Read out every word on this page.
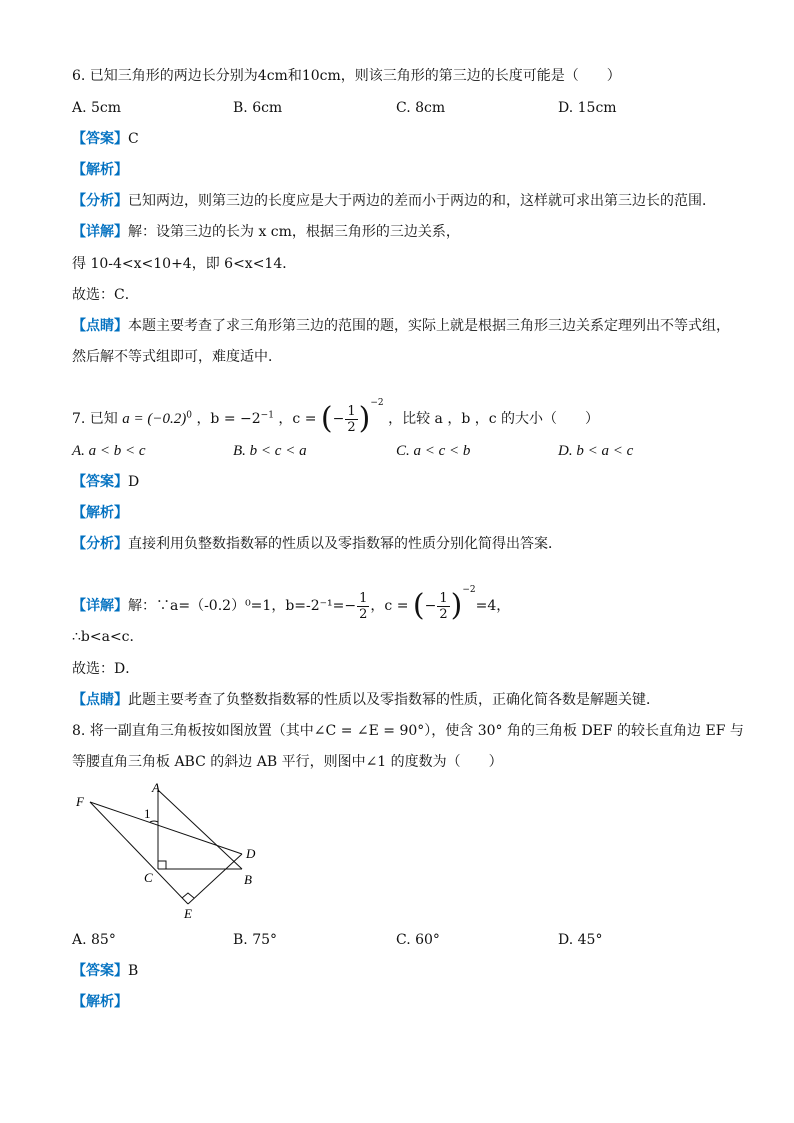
6. 已知三角形的两边长分别为4cm和10cm，则该三角形的第三边的长度可能是（　　）
A. 5cm	B. 6cm	C. 8cm	D. 15cm
【答案】C
【解析】
【分析】已知两边，则第三边的长度应是大于两边的差而小于两边的和，这样就可求出第三边长的范围．
【详解】解：设第三边的长为 x cm，根据三角形的三边关系，
得 10-4<x<10+4，即 6<x<14．
故选：C．
【点睛】本题主要考查了求三角形第三边的范围的题，实际上就是根据三角形三边关系定理列出不等式组，
然后解不等式组即可，难度适中．
7. 已知 $a = (-0.2)^0$ ，$b = -2^{-1}$ ，c = (− $\frac{1}{2} )^{-2}$ ，比较 a ，b ，c 的大小（　　）
A. a < b < c	B. b < c < a	C. a < c < b	D. b < a < c
【答案】D
【解析】
【分析】直接利用负整数指数幂的性质以及零指数幂的性质分别化简得出答案．
【详解】解：∵a=（-0.2）⁰=1，$b=-2^{-1}=- \frac{1}{2}$ ，c = (− $\frac{1}{2} )^{-2}=4$，
∴b<a<c．
故选：D．
【点睛】此题主要考查了负整数指数幂的性质以及零指数幂的性质，正确化简各数是解题关键．
8. 将一副直角三角板按如图放置（其中∠C = ∠E = 90°），使含 30° 角的三角板 DEF 的较长直角边 EF 与
等腰直角三角板 ABC 的斜边 AB 平行，则图中∠1 的度数为（　　）
F
A
1
D
C	B
E
A. 85°	B. 75°	C. 60°	D. 45°
【答案】B
【解析】
